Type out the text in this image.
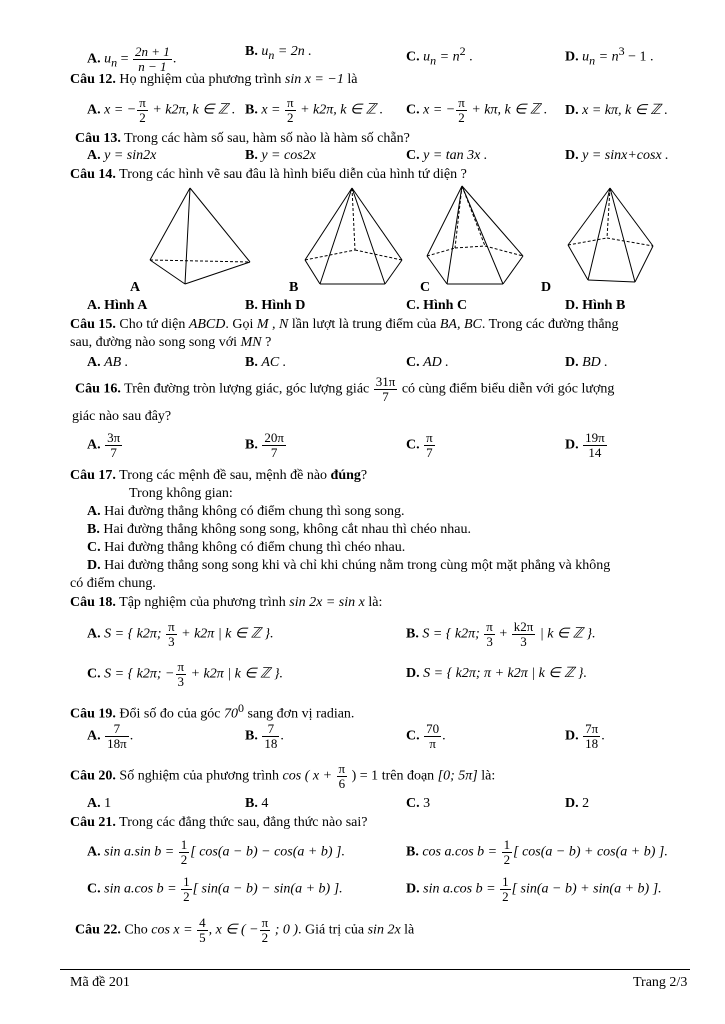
A. $u_n = \frac{2n + 1}{n - 1}$ .
B. $u_n = 2n$ .	C. $u_n = n^2$ .	D. $u_n = n^3 - 1$ .
Câu 12. Họ nghiệm của phương trình sin x = −1 là
A. x = − $\frac{\pi}{2} + k2\pi$, k ∈ ℤ . B. $x = \frac{\pi}{2} + k2\pi$, k ∈ ℤ . C. x = − $\frac{\pi}{2} + k\pi$, k ∈ ℤ . D. x = kπ, k ∈ ℤ .
Câu 13. Trong các hàm số sau, hàm số nào là hàm số chẵn?
A. y = sin2x	B. y = cos2x	C. y = tan 3x .	D. y = sinx+cosx .
Câu 14. Trong các hình vẽ sau đâu là hình biểu diễn của hình tứ diện ?
A	B	C	D
A. Hình A	B. Hình D	C. Hình C	D. Hình B
Câu 15. Cho tứ diện ABCD. Gọi M , N lần lượt là trung điểm của BA, BC. Trong các đường thẳng
sau, đường nào song song với MN ?
A. AB .	B. AC .	C. AD .	D. BD .
Câu 16. Trên đường tròn lượng giác, góc lượng giác $\frac{31\pi}{7}$ có cùng điểm biểu diễn với góc lượng
giác nào sau đây?
A. $\frac{3\pi}{7}$	B. $\frac{20\pi}{7}$	C. $\frac{\pi}{7}$	D. $\frac{19\pi}{14}$
Câu 17. Trong các mệnh đề sau, mệnh đề nào đúng?
Trong không gian:
A. Hai đường thẳng không có điểm chung thì song song.
B. Hai đường thẳng không song song, không cắt nhau thì chéo nhau.
C. Hai đường thẳng không có điểm chung thì chéo nhau.
D. Hai đường thẳng song song khi và chỉ khi chúng nằm trong cùng một mặt phẳng và không
có điểm chung.
Câu 18. Tập nghiệm của phương trình sin 2x = sin x là:
A. S = { k2π; $\frac{\pi}{3} + k2\pi$ | k ∈ ℤ }.	B. S = { k2π; $\frac{\pi}{3} + \frac{k2\pi}{3}$ | k ∈ ℤ }.
C. S = { k2π; − $\frac{\pi}{3} + k2\pi$ | k ∈ ℤ }.	D. S = { k2π; π + k2π | k ∈ ℤ }.
Câu 19. Đổi số đo của góc $70^0$ sang đơn vị radian.
A. $\frac{7}{18\pi}$ .	B. $\frac{7}{18}$ .	C. $\frac{70}{\pi}$ .	D. $\frac{7\pi}{18}$ .
Câu 20. Số nghiệm của phương trình cos ( $x + \frac{\pi}{6}$ ) = 1 trên đoạn [0; 5π] là:
A. 1	B. 4	C. 3	D. 2
Câu 21. Trong các đẳng thức sau, đẳng thức nào sai?
A. sin a.sin $b = \frac{1}{2}$ [ cos(a − b) − cos(a + b) ].	B. cos a.cos $b = \frac{1}{2}$ [ cos(a − b) + cos(a + b) ].
C. sin a.cos $b = \frac{1}{2}$ [ sin(a − b) − sin(a + b) ].	D. sin a.cos $b = \frac{1}{2}$ [ sin(a − b) + sin(a + b) ].
Câu 22. Cho $\cos x = \frac{4}{5}$ , x ∈ ( − $\frac{\pi}{2}$ ; 0 ). Giá trị của sin 2x là
Mã đề 201	Trang 2/3
